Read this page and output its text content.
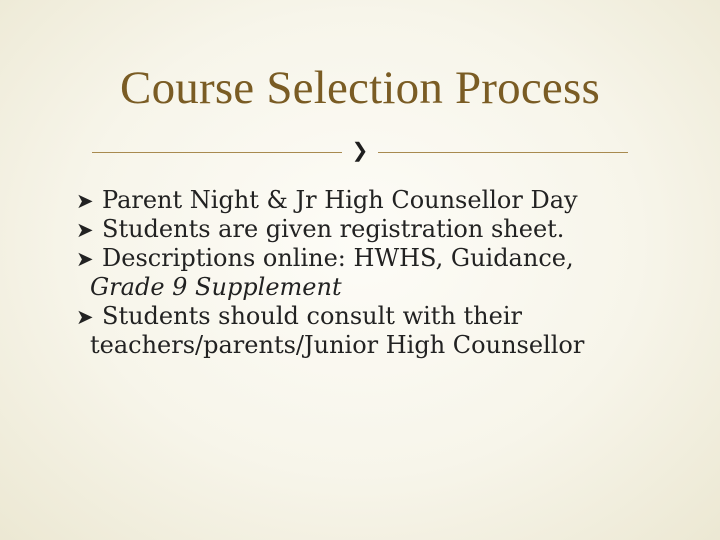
Course Selection Process
❯
➤ Parent Night & Jr High Counsellor Day
➤ Students are given registration sheet.
➤ Descriptions online: HWHS, Guidance,
Grade 9 Supplement
➤ Students should consult with their
teachers/parents/Junior High Counsellor
